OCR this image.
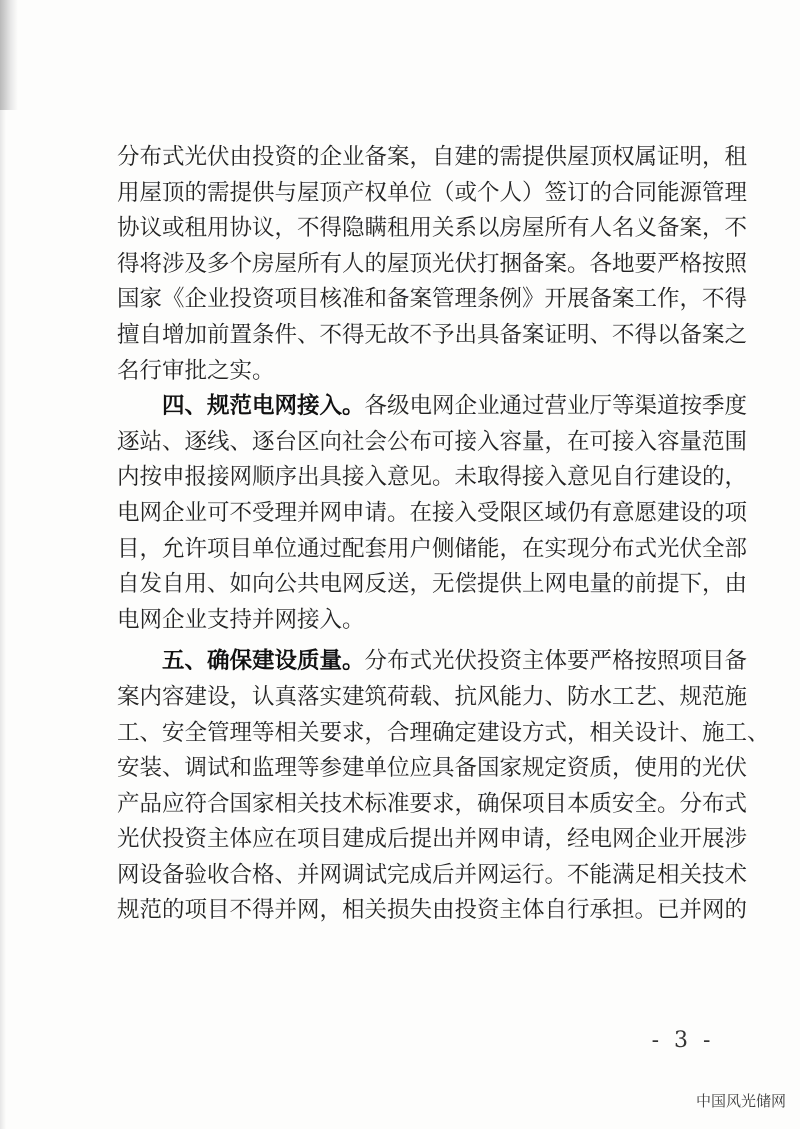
分布式光伏由投资的企业备案，自建的需提供屋顶权属证明，租
用屋顶的需提供与屋顶产权单位（或个人）签订的合同能源管理
协议或租用协议，不得隐瞒租用关系以房屋所有人名义备案，不
得将涉及多个房屋所有人的屋顶光伏打捆备案。各地要严格按照
国家《企业投资项目核准和备案管理条例》开展备案工作，不得
擅自增加前置条件、不得无故不予出具备案证明、不得以备案之
名行审批之实。
四、规范电网接入。各级电网企业通过营业厅等渠道按季度
逐站、逐线、逐台区向社会公布可接入容量，在可接入容量范围
内按申报接网顺序出具接入意见。未取得接入意见自行建设的，
电网企业可不受理并网申请。在接入受限区域仍有意愿建设的项
目，允许项目单位通过配套用户侧储能，在实现分布式光伏全部
自发自用、如向公共电网反送，无偿提供上网电量的前提下，由
电网企业支持并网接入。
五、确保建设质量。分布式光伏投资主体要严格按照项目备
案内容建设，认真落实建筑荷载、抗风能力、防水工艺、规范施
工、安全管理等相关要求，合理确定建设方式，相关设计、施工、
安装、调试和监理等参建单位应具备国家规定资质，使用的光伏
产品应符合国家相关技术标准要求，确保项目本质安全。分布式
光伏投资主体应在项目建成后提出并网申请，经电网企业开展涉
网设备验收合格、并网调试完成后并网运行。不能满足相关技术
规范的项目不得并网，相关损失由投资主体自行承担。已并网的
- 3 -
中国风光储网
